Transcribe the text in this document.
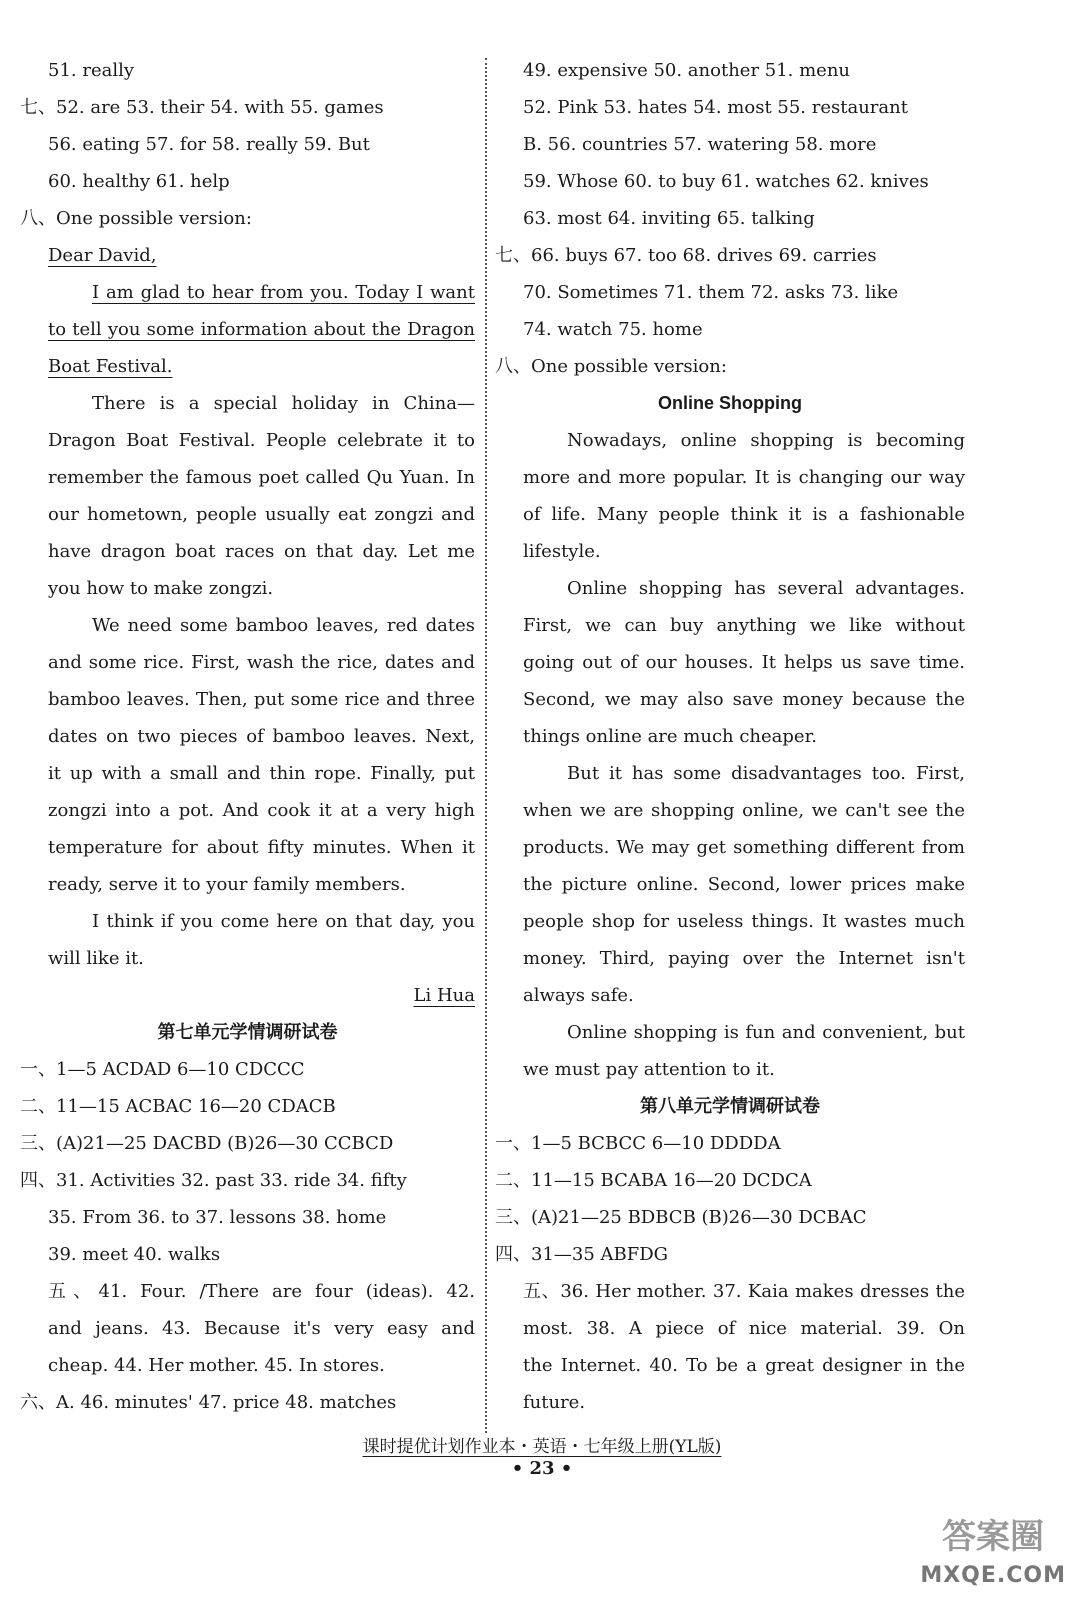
51. really
七、52. are 53. their 54. with 55. games
56. eating 57. for 58. really 59. But
60. healthy 61. help
八、One possible version:
Dear David,
I am glad to hear from you. Today I want
to tell you some information about the Dragon
Boat Festival.
There is a special holiday in China—
Dragon Boat Festival. People celebrate it to
remember the famous poet called Qu Yuan. In
our hometown, people usually eat zongzi and
have dragon boat races on that day. Let me
you how to make zongzi.
We need some bamboo leaves, red dates
and some rice. First, wash the rice, dates and
bamboo leaves. Then, put some rice and three
dates on two pieces of bamboo leaves. Next,
it up with a small and thin rope. Finally, put
zongzi into a pot. And cook it at a very high
temperature for about fifty minutes. When it
ready, serve it to your family members.
I think if you come here on that day, you
will like it.
Li Hua
第七单元学情调研试卷
一、1—5 ACDAD 6—10 CDCCC
二、11—15 ACBAC 16—20 CDACB
三、(A)21—25 DACBD (B)26—30 CCBCD
四、31. Activities 32. past 33. ride 34. fifty
35. From 36. to 37. lessons 38. home
39. meet 40. walks
五、41. Four. /There are four (ideas). 42.
and jeans. 43. Because it's very easy and
cheap. 44. Her mother. 45. In stores.
六、A. 46. minutes' 47. price 48. matches
49. expensive 50. another 51. menu
52. Pink 53. hates 54. most 55. restaurant
B. 56. countries 57. watering 58. more
59. Whose 60. to buy 61. watches 62. knives
63. most 64. inviting 65. talking
七、66. buys 67. too 68. drives 69. carries
70. Sometimes 71. them 72. asks 73. like
74. watch 75. home
八、One possible version:
Online Shopping
Nowadays, online shopping is becoming
more and more popular. It is changing our way
of life. Many people think it is a fashionable
lifestyle.
Online shopping has several advantages.
First, we can buy anything we like without
going out of our houses. It helps us save time.
Second, we may also save money because the
things online are much cheaper.
But it has some disadvantages too. First,
when we are shopping online, we can't see the
products. We may get something different from
the picture online. Second, lower prices make
people shop for useless things. It wastes much
money. Third, paying over the Internet isn't
always safe.
Online shopping is fun and convenient, but
we must pay attention to it.
第八单元学情调研试卷
一、1—5 BCBCC 6—10 DDDDA
二、11—15 BCABA 16—20 DCDCA
三、(A)21—25 BDBCB (B)26—30 DCBAC
四、31—35 ABFDG
五、36. Her mother. 37. Kaia makes dresses the
most. 38. A piece of nice material. 39. On
the Internet. 40. To be a great designer in the
future.
课时提优计划作业本・英语・七年级上册(YL版)
• 23 •
答案圈
MXQE.COM
